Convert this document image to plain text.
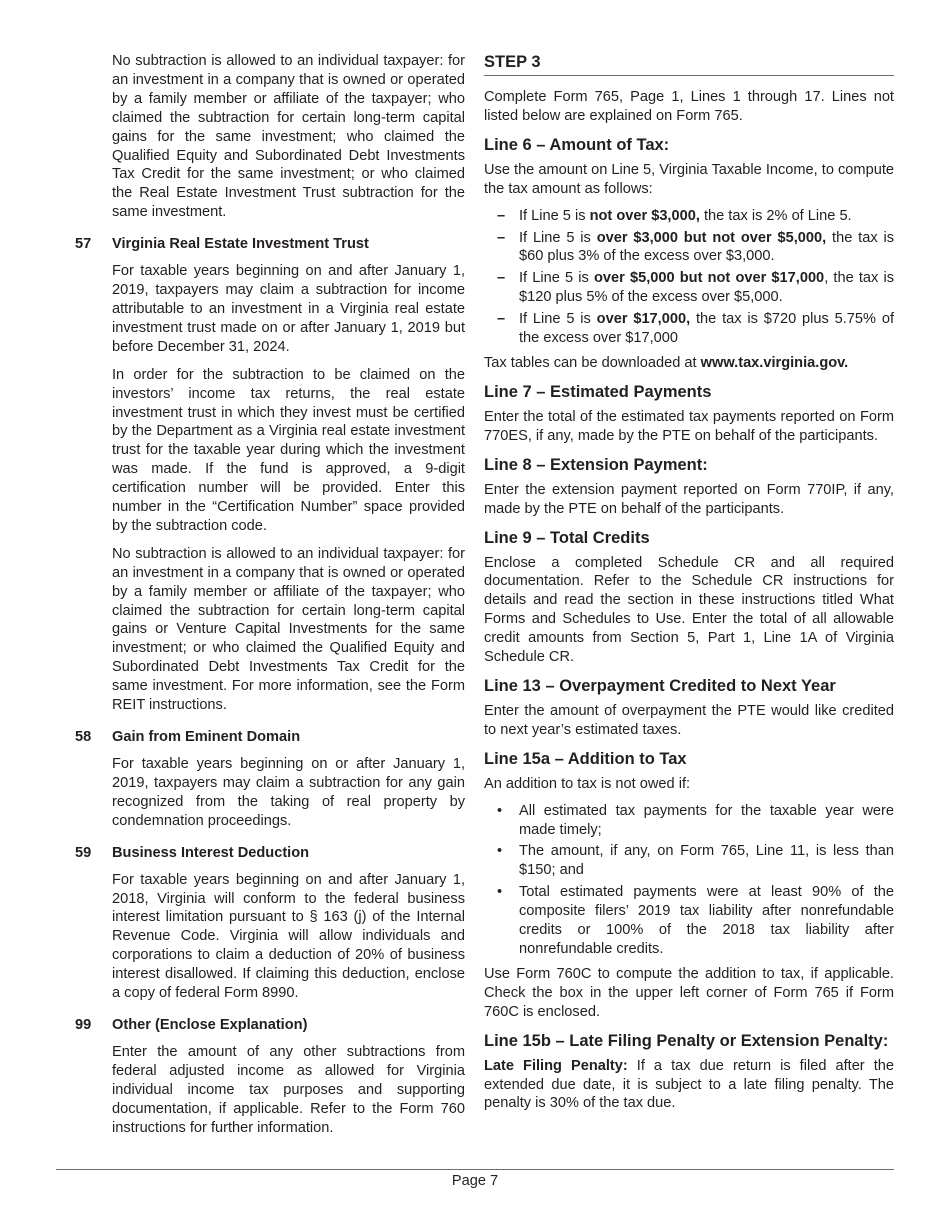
No subtraction is allowed to an individual taxpayer: for an investment in a company that is owned or operated by a family member or affiliate of the taxpayer; who claimed the subtraction for certain long-term capital gains for the same investment; who claimed the Qualified Equity and Subordinated Debt Investments Tax Credit for the same investment; or who claimed the Real Estate Investment Trust subtraction for the same investment.

57	Virginia Real Estate Investment Trust

For taxable years beginning on and after January 1, 2019, taxpayers may claim a subtraction for income attributable to an investment in a Virginia real estate investment trust made on or after January 1, 2019 but before December 31, 2024.

In order for the subtraction to be claimed on the investors’ income tax returns, the real estate investment trust in which they invest must be certified by the Department as a Virginia real estate investment trust for the taxable year during which the investment was made. If the fund is approved, a 9-digit certification number will be provided. Enter this number in the “Certification Number” space provided by the subtraction code.

No subtraction is allowed to an individual taxpayer: for an investment in a company that is owned or operated by a family member or affiliate of the taxpayer; who claimed the subtraction for certain long-term capital gains or Venture Capital Investments for the same investment; or who claimed the Qualified Equity and Subordinated Debt Investments Tax Credit for the same investment. For more information, see the Form REIT instructions.

58	Gain from Eminent Domain

For taxable years beginning on or after January 1, 2019, taxpayers may claim a subtraction for any gain recognized from the taking of real property by condemnation proceedings.

59	Business Interest Deduction

For taxable years beginning on and after January 1, 2018, Virginia will conform to the federal business interest limitation pursuant to § 163 (j) of the Internal Revenue Code. Virginia will allow individuals and corporations to claim a deduction of 20% of business interest disallowed. If claiming this deduction, enclose a copy of federal Form 8990.

99	Other (Enclose Explanation)

Enter the amount of any other subtractions from federal adjusted income as allowed for Virginia individual income tax purposes and supporting documentation, if applicable. Refer to the Form 760 instructions for further information.

STEP 3

Complete Form 765, Page 1, Lines 1 through 17. Lines not listed below are explained on Form 765.

Line 6 – Amount of Tax:

Use the amount on Line 5, Virginia Taxable Income, to compute the tax amount as follows:

– If Line 5 is not over $3,000, the tax is 2% of Line 5.
– If Line 5 is over $3,000 but not over $5,000, the tax is $60 plus 3% of the excess over $3,000.
– If Line 5 is over $5,000 but not over $17,000, the tax is $120 plus 5% of the excess over $5,000.
– If Line 5 is over $17,000, the tax is $720 plus 5.75% of the excess over $17,000

Tax tables can be downloaded at www.tax.virginia.gov.

Line 7 – Estimated Payments

Enter the total of the estimated tax payments reported on Form 770ES, if any, made by the PTE on behalf of the participants.

Line 8 – Extension Payment:

Enter the extension payment reported on Form 770IP, if any, made by the PTE on behalf of the participants.

Line 9 – Total Credits

Enclose a completed Schedule CR and all required documentation. Refer to the Schedule CR instructions for details and read the section in these instructions titled What Forms and Schedules to Use. Enter the total of all allowable credit amounts from Section 5, Part 1, Line 1A of Virginia Schedule CR.

Line 13 – Overpayment Credited to Next Year

Enter the amount of overpayment the PTE would like credited to next year’s estimated taxes.

Line 15a – Addition to Tax

An addition to tax is not owed if:

•	All estimated tax payments for the taxable year were made timely;
•	The amount, if any, on Form 765, Line 11, is less than $150; and
•	Total estimated payments were at least 90% of the composite filers’ 2019 tax liability after nonrefundable credits or 100% of the 2018 tax liability after nonrefundable credits.

Use Form 760C to compute the addition to tax, if applicable. Check the box in the upper left corner of Form 765 if Form 760C is enclosed.

Line 15b – Late Filing Penalty or Extension Penalty:

Late Filing Penalty: If a tax due return is filed after the extended due date, it is subject to a late filing penalty. The penalty is 30% of the tax due.

Page 7
